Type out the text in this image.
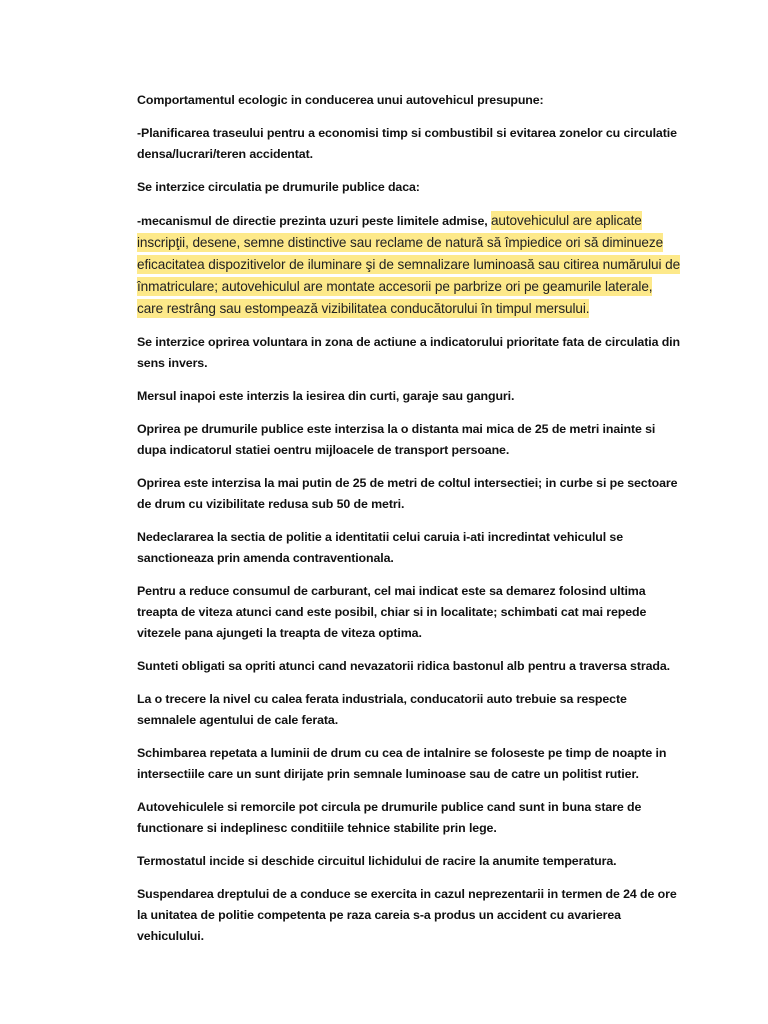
Comportamentul ecologic in conducerea unui autovehicul presupune:

-Planificarea traseului pentru a economisi timp si combustibil si evitarea zonelor cu circulatie densa/lucrari/teren accidentat.

Se interzice circulatia pe drumurile publice daca:

-mecanismul de directie prezinta uzuri peste limitele admise, autovehiculul are aplicate inscripţii, desene, semne distinctive sau reclame de natură să împiedice ori să diminueze eficacitatea dispozitivelor de iluminare şi de semnalizare luminoasă sau citirea numărului de înmatriculare; autovehiculul are montate accesorii pe parbrize ori pe geamurile laterale, care restrâng sau estompează vizibilitatea conducătorului în timpul mersului.

Se interzice oprirea voluntara in zona de actiune a indicatorului prioritate fata de circulatia din sens invers.

Mersul inapoi este interzis la iesirea din curti, garaje sau ganguri.

Oprirea pe drumurile publice este interzisa la o distanta mai mica de 25 de metri inainte si dupa indicatorul statiei oentru mijloacele de transport persoane.

Oprirea este interzisa la mai putin de 25 de metri de coltul intersectiei; in curbe si pe sectoare de drum cu vizibilitate redusa sub 50 de metri.

Nedeclararea la sectia de politie a identitatii celui caruia i-ati incredintat vehiculul se sanctioneaza prin amenda contraventionala.

Pentru a reduce consumul de carburant, cel mai indicat este sa demarez folosind ultima treapta de viteza atunci cand este posibil, chiar si in localitate; schimbati cat mai repede vitezele pana ajungeti la treapta de viteza optima.

Sunteti obligati sa opriti atunci cand nevazatorii ridica bastonul alb pentru a traversa strada.

La o trecere la nivel cu calea ferata industriala, conducatorii auto trebuie sa respecte semnalele agentului de cale ferata.

Schimbarea repetata a luminii de drum cu cea de intalnire se foloseste pe timp de noapte in intersectiile care un sunt dirijate prin semnale luminoase sau de catre un politist rutier.

Autovehiculele si remorcile pot circula pe drumurile publice cand sunt in buna stare de functionare si indeplinesc conditiile tehnice stabilite prin lege.

Termostatul incide si deschide circuitul lichidului de racire la anumite temperatura.

Suspendarea dreptului de a conduce se exercita in cazul neprezentarii in termen de 24 de ore la unitatea de politie competenta pe raza careia s-a produs un accident cu avarierea vehiculului.
